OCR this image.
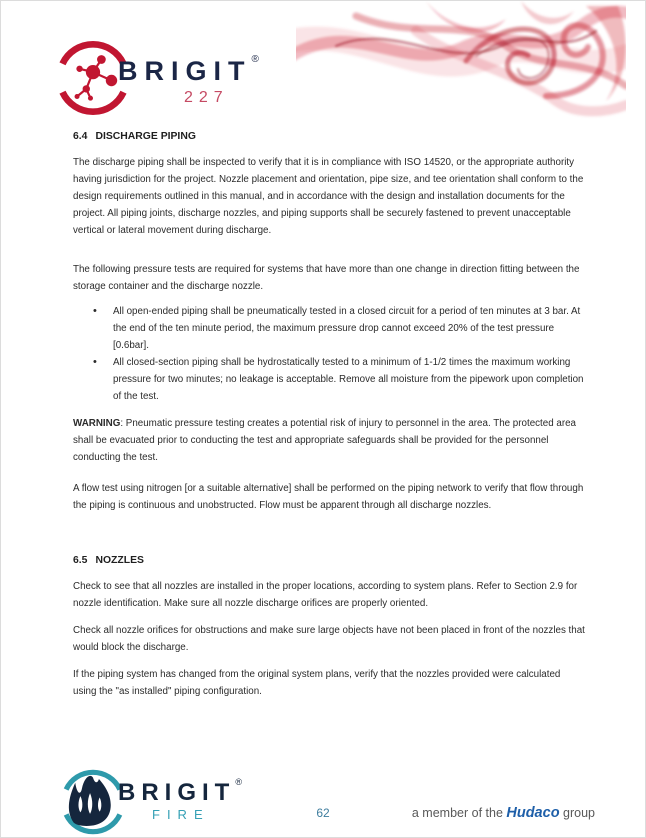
BRIGIT®
227
6.4 DISCHARGE PIPING

The discharge piping shall be inspected to verify that it is in compliance with ISO 14520, or the appropriate authority having jurisdiction for the project. Nozzle placement and orientation, pipe size, and tee orientation shall conform to the design requirements outlined in this manual, and in accordance with the design and installation documents for the project. All piping joints, discharge nozzles, and piping supports shall be securely fastened to prevent unacceptable vertical or lateral movement during discharge.

The following pressure tests are required for systems that have more than one change in direction fitting between the storage container and the discharge nozzle.

• All open-ended piping shall be pneumatically tested in a closed circuit for a period of ten minutes at 3 bar. At the end of the ten minute period, the maximum pressure drop cannot exceed 20% of the test pressure [0.6bar].
• All closed-section piping shall be hydrostatically tested to a minimum of 1-1/2 times the maximum working pressure for two minutes; no leakage is acceptable. Remove all moisture from the pipework upon completion of the test.

WARNING: Pneumatic pressure testing creates a potential risk of injury to personnel in the area. The protected area shall be evacuated prior to conducting the test and appropriate safeguards shall be provided for the personnel conducting the test.

A flow test using nitrogen [or a suitable alternative] shall be performed on the piping network to verify that flow through the piping is continuous and unobstructed. Flow must be apparent through all discharge nozzles.

6.5 NOZZLES

Check to see that all nozzles are installed in the proper locations, according to system plans. Refer to Section 2.9 for nozzle identification. Make sure all nozzle discharge orifices are properly oriented.

Check all nozzle orifices for obstructions and make sure large objects have not been placed in front of the nozzles that would block the discharge.

If the piping system has changed from the original system plans, verify that the nozzles provided were calculated using the "as installed" piping configuration.

BRIGIT®
FIRE	62	a member of the Hudaco group
